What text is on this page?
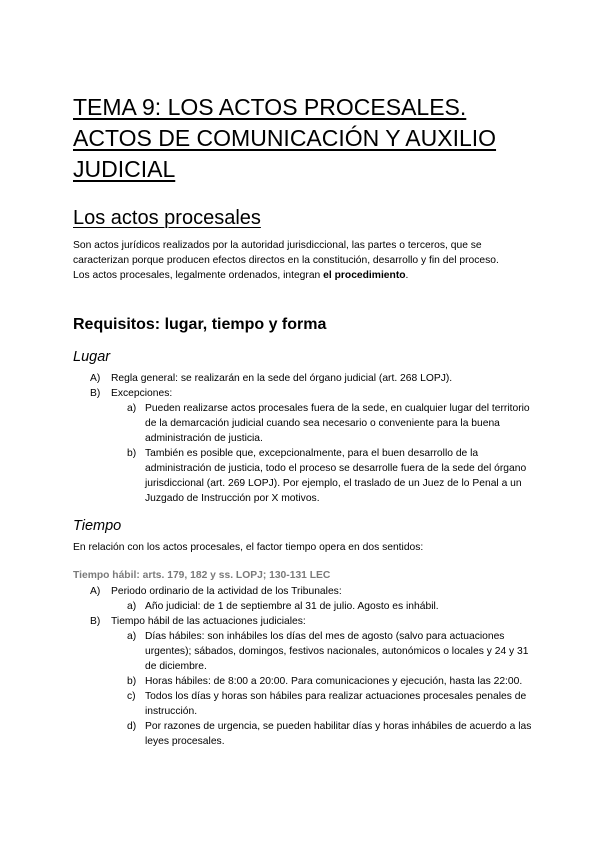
TEMA 9: LOS ACTOS PROCESALES. ACTOS DE COMUNICACIÓN Y AUXILIO JUDICIAL
Los actos procesales

Son actos jurídicos realizados por la autoridad jurisdiccional, las partes o terceros, que se caracterizan porque producen efectos directos en la constitución, desarrollo y fin del proceso.

Los actos procesales, legalmente ordenados, integran el procedimiento.

Requisitos: lugar, tiempo y forma
Lugar
A) Regla general: se realizarán en la sede del órgano judicial (art. 268 LOPJ).
B) Excepciones:
a) Pueden realizarse actos procesales fuera de la sede, en cualquier lugar del territorio de la demarcación judicial cuando sea necesario o conveniente para la buena administración de justicia.
b) También es posible que, excepcionalmente, para el buen desarrollo de la administración de justicia, todo el proceso se desarrolle fuera de la sede del órgano jurisdiccional (art. 269 LOPJ). Por ejemplo, el traslado de un Juez de lo Penal a un Juzgado de Instrucción por X motivos.
Tiempo

En relación con los actos procesales, el factor tiempo opera en dos sentidos:

Tiempo hábil: arts. 179, 182 y ss. LOPJ; 130-131 LEC

A) Periodo ordinario de la actividad de los Tribunales:
a) Año judicial: de 1 de septiembre al 31 de julio. Agosto es inhábil.
B) Tiempo hábil de las actuaciones judiciales:
a) Días hábiles: son inhábiles los días del mes de agosto (salvo para actuaciones urgentes); sábados, domingos, festivos nacionales, autonómicos o locales y 24 y 31 de diciembre.
b) Horas hábiles: de 8:00 a 20:00. Para comunicaciones y ejecución, hasta las 22:00.
c) Todos los días y horas son hábiles para realizar actuaciones procesales penales de instrucción.
d) Por razones de urgencia, se pueden habilitar días y horas inhábiles de acuerdo a las leyes procesales.
